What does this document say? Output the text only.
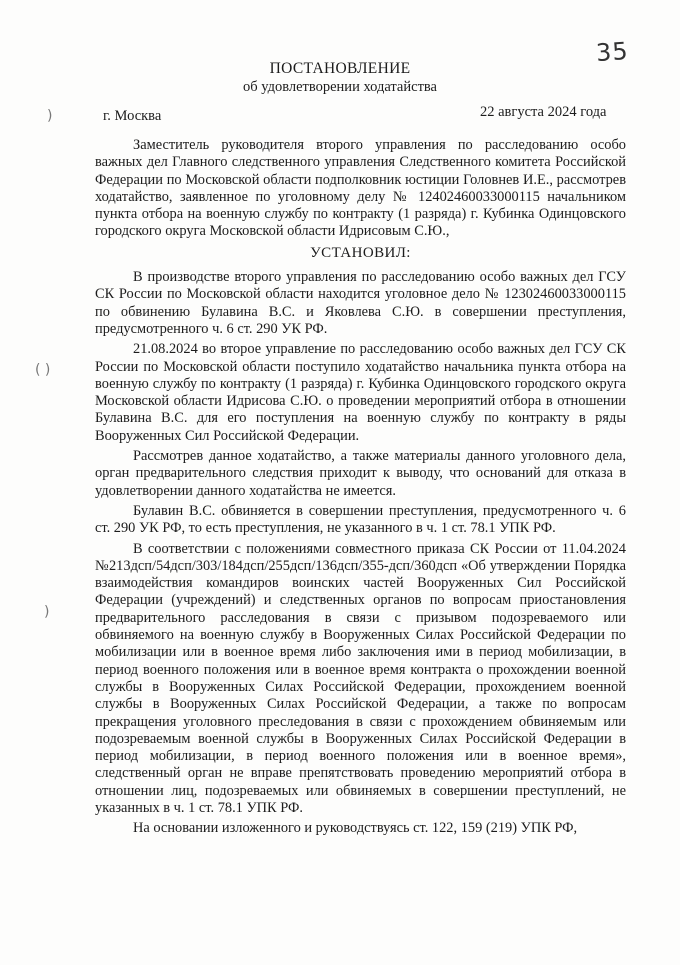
35
ПОСТАНОВЛЕНИЕ
об удовлетворении ходатайства
)	г. Москва	22 августа 2024 года
( )
)

Заместитель руководителя второго управления по расследованию особо важных дел Главного следственного управления Следственного комитета Российской Федерации по Московской области подполковник юстиции Головнев И.Е., рассмотрев ходатайство, заявленное по уголовному делу № 12402460033000115 начальником пункта отбора на военную службу по контракту (1 разряда) г. Кубинка Одинцовского городского округа Московской области Идрисовым С.Ю.,

УСТАНОВИЛ:

В производстве второго управления по расследованию особо важных дел ГСУ СК России по Московской области находится уголовное дело № 12302460033000115 по обвинению Булавина В.С. и Яковлева С.Ю. в совершении преступления, предусмотренного ч. 6 ст. 290 УК РФ.

21.08.2024 во второе управление по расследованию особо важных дел ГСУ СК России по Московской области поступило ходатайство начальника пункта отбора на военную службу по контракту (1 разряда) г. Кубинка Одинцовского городского округа Московской области Идрисова С.Ю. о проведении мероприятий отбора в отношении Булавина В.С. для его поступления на военную службу по контракту в ряды Вооруженных Сил Российской Федерации.

Рассмотрев данное ходатайство, а также материалы данного уголовного дела, орган предварительного следствия приходит к выводу, что оснований для отказа в удовлетворении данного ходатайства не имеется.

Булавин В.С. обвиняется в совершении преступления, предусмотренного ч. 6 ст. 290 УК РФ, то есть преступления, не указанного в ч. 1 ст. 78.1 УПК РФ.

В соответствии с положениями совместного приказа СК России от 11.04.2024 №213дсп/54дсп/303/184дсп/255дсп/136дсп/355-дсп/360дсп «Об утверждении Порядка взаимодействия командиров воинских частей Вооруженных Сил Российской Федерации (учреждений) и следственных органов по вопросам приостановления предварительного расследования в связи с призывом подозреваемого или обвиняемого на военную службу в Вооруженных Силах Российской Федерации по мобилизации или в военное время либо заключения ими в период мобилизации, в период военного положения или в военное время контракта о прохождении военной службы в Вооруженных Силах Российской Федерации, прохождением военной службы в Вооруженных Силах Российской Федерации, а также по вопросам прекращения уголовного преследования в связи с прохождением обвиняемым или подозреваемым военной службы в Вооруженных Силах Российской Федерации в период мобилизации, в период военного положения или в военное время», следственный орган не вправе препятствовать проведению мероприятий отбора в отношении лиц, подозреваемых или обвиняемых в совершении преступлений, не указанных в ч. 1 ст. 78.1 УПК РФ.

На основании изложенного и руководствуясь ст. 122, 159 (219) УПК РФ,
